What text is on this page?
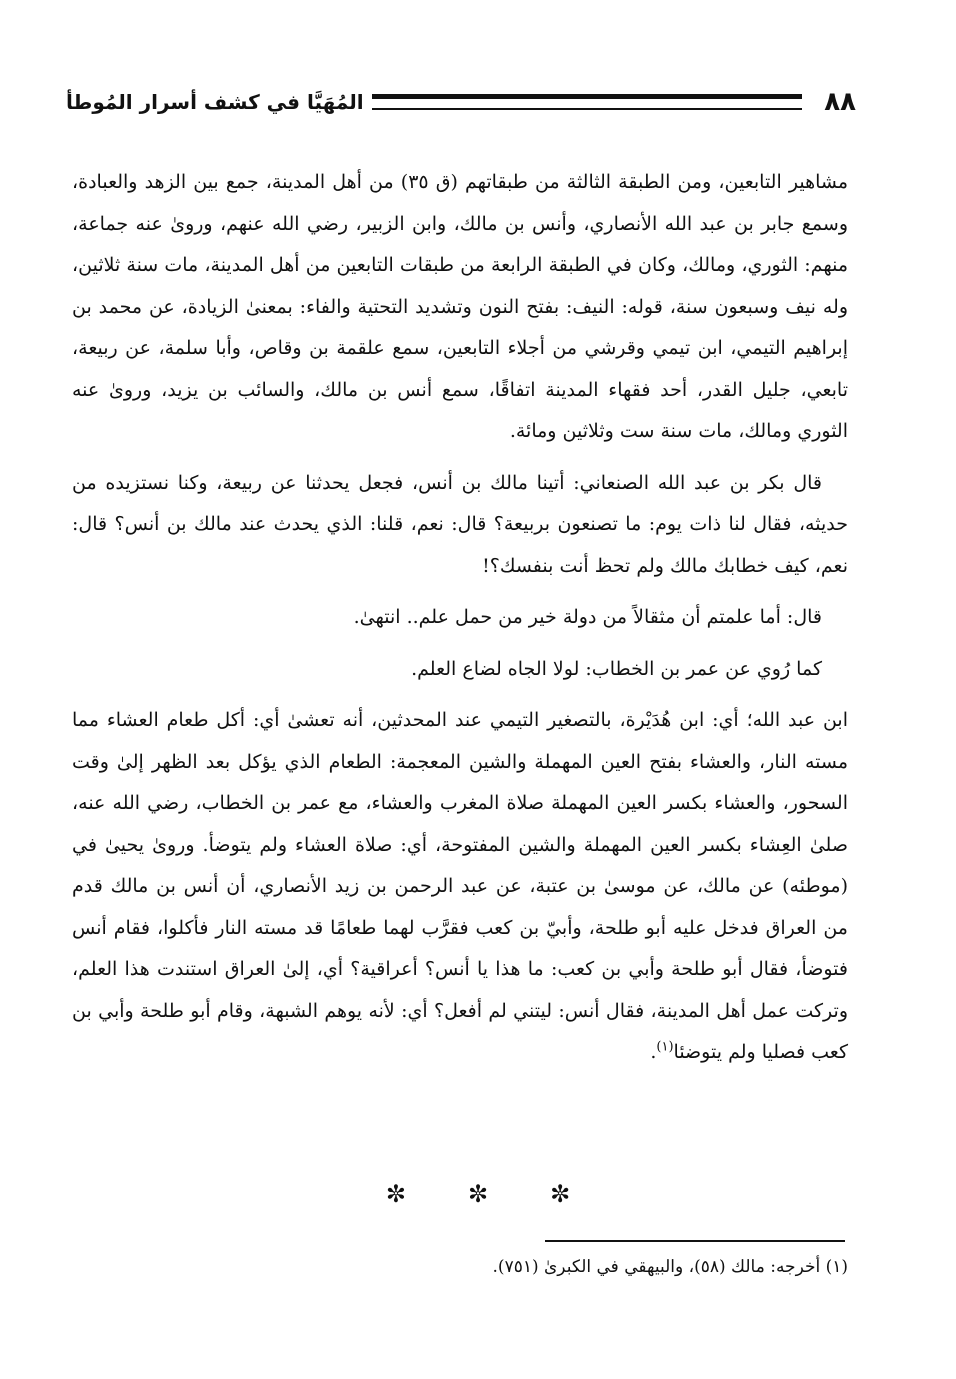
٨٨
المُهَيَّا في كشف أسرار المُوطأ

مشاهير التابعين، ومن الطبقة الثالثة من طبقاتهم (ق ٣٥) من أهل المدينة، جمع بين الزهد والعبادة، وسمع جابر بن عبد الله الأنصاري، وأنس بن مالك، وابن الزبير، رضي الله عنهم، وروىٰ عنه جماعة، منهم: الثوري، ومالك، وكان في الطبقة الرابعة من طبقات التابعين من أهل المدينة، مات سنة ثلاثين، وله نيف وسبعون سنة، قوله: النيف: بفتح النون وتشديد التحتية والفاء: بمعنىٰ الزيادة، عن محمد بن إبراهيم التيمي، ابن تيمي وقرشي من أجلاء التابعين، سمع علقمة بن وقاص، وأبا سلمة، عن ربيعة، تابعي، جليل القدر، أحد فقهاء المدينة اتفاقًا، سمع أنس بن مالك، والسائب بن يزيد، وروىٰ عنه الثوري ومالك، مات سنة ست وثلاثين ومائة.

قال بكر بن عبد الله الصنعاني: أتينا مالك بن أنس، فجعل يحدثنا عن ربيعة، وكنا نستزيده من حديثه، فقال لنا ذات يوم: ما تصنعون بربيعة؟ قال: نعم، قلنا: الذي يحدث عند مالك بن أنس؟ قال: نعم، كيف خطابك مالك ولم تحظ أنت بنفسك؟!

قال: أما علمتم أن مثقالاً من دولة خير من حمل علم.. انتهىٰ.

كما رُوي عن عمر بن الخطاب: لولا الجاه لضاع العلم.

ابن عبد الله؛ أي: ابن هُدَيْرة، بالتصغير التيمي عند المحدثين، أنه تعشىٰ أي: أكل طعام العشاء مما مسته النار، والعشاء بفتح العين المهملة والشين المعجمة: الطعام الذي يؤكل بعد الظهر إلىٰ وقت السحور، والعشاء بكسر العين المهملة صلاة المغرب والعشاء، مع عمر بن الخطاب، رضي الله عنه، صلىٰ العِشاء بكسر العين المهملة والشين المفتوحة، أي: صلاة العشاء ولم يتوضأ. وروىٰ يحيىٰ في (موطئه) عن مالك، عن موسىٰ بن عتبة، عن عبد الرحمن بن زيد الأنصاري، أن أنس بن مالك قدم من العراق فدخل عليه أبو طلحة، وأبيّ بن كعب فقرَّب لهما طعامًا قد مسته النار فأكلوا، فقام أنس فتوضأ، فقال أبو طلحة وأبي بن كعب: ما هذا يا أنس؟ أعراقية؟ أي، إلىٰ العراق استندت هذا العلم، وتركت عمل أهل المدينة، فقال أنس: ليتني لم أفعل؟ أي: لأنه يوهم الشبهة، وقام أبو طلحة وأبي بن كعب فصليا ولم يتوضئا$^{(١)}$.

✼
✼
✼
(١) أخرجه: مالك (٥٨)، والبيهقي في الكبرىٰ (٧٥١).
